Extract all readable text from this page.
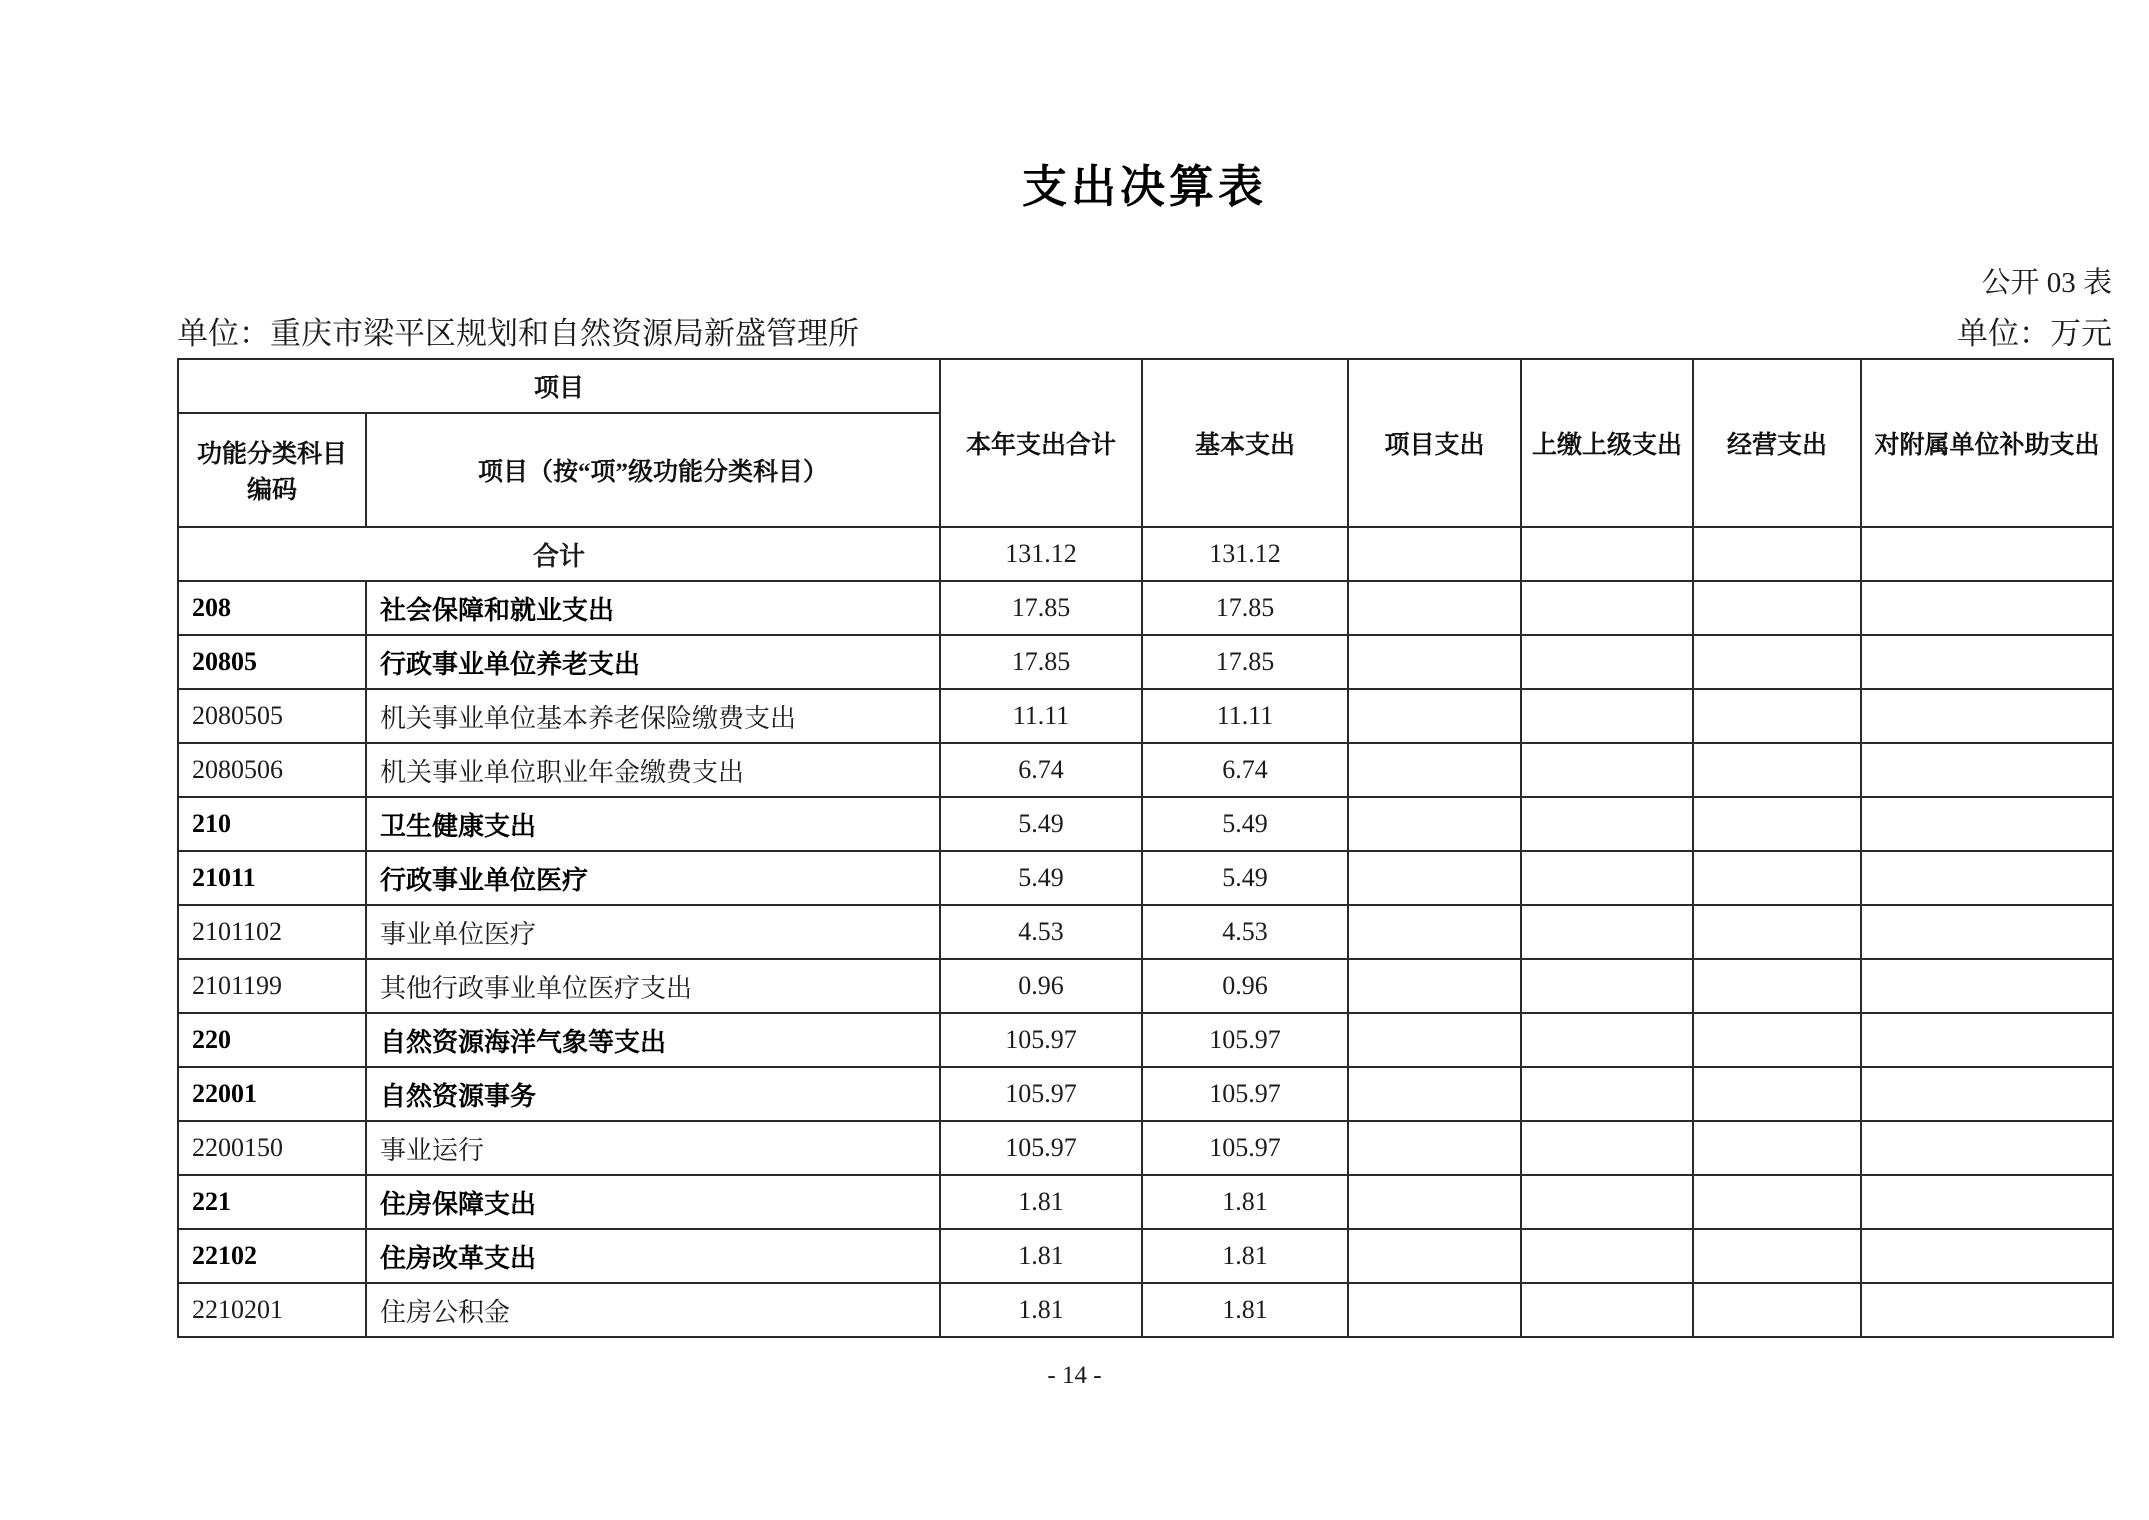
支出决算表
公开 03 表
单位：重庆市梁平区规划和自然资源局新盛管理所	单位：万元
项目		本年支出合计	基本支出	项目支出	上缴上级支出	经营支出	对附属单位补助支出
功能分类科目编码	项目（按“项”级功能分类科目）						
合计		131.12	131.12				
208	社会保障和就业支出	17.85	17.85				
20805	行政事业单位养老支出	17.85	17.85				
2080505	机关事业单位基本养老保险缴费支出	11.11	11.11				
2080506	机关事业单位职业年金缴费支出	6.74	6.74				
210	卫生健康支出	5.49	5.49				
21011	行政事业单位医疗	5.49	5.49				
2101102	事业单位医疗	4.53	4.53				
2101199	其他行政事业单位医疗支出	0.96	0.96				
220	自然资源海洋气象等支出	105.97	105.97				
22001	自然资源事务	105.97	105.97				
2200150	事业运行	105.97	105.97				
221	住房保障支出	1.81	1.81				
22102	住房改革支出	1.81	1.81				
2210201	住房公积金	1.81	1.81				
- 14 -
